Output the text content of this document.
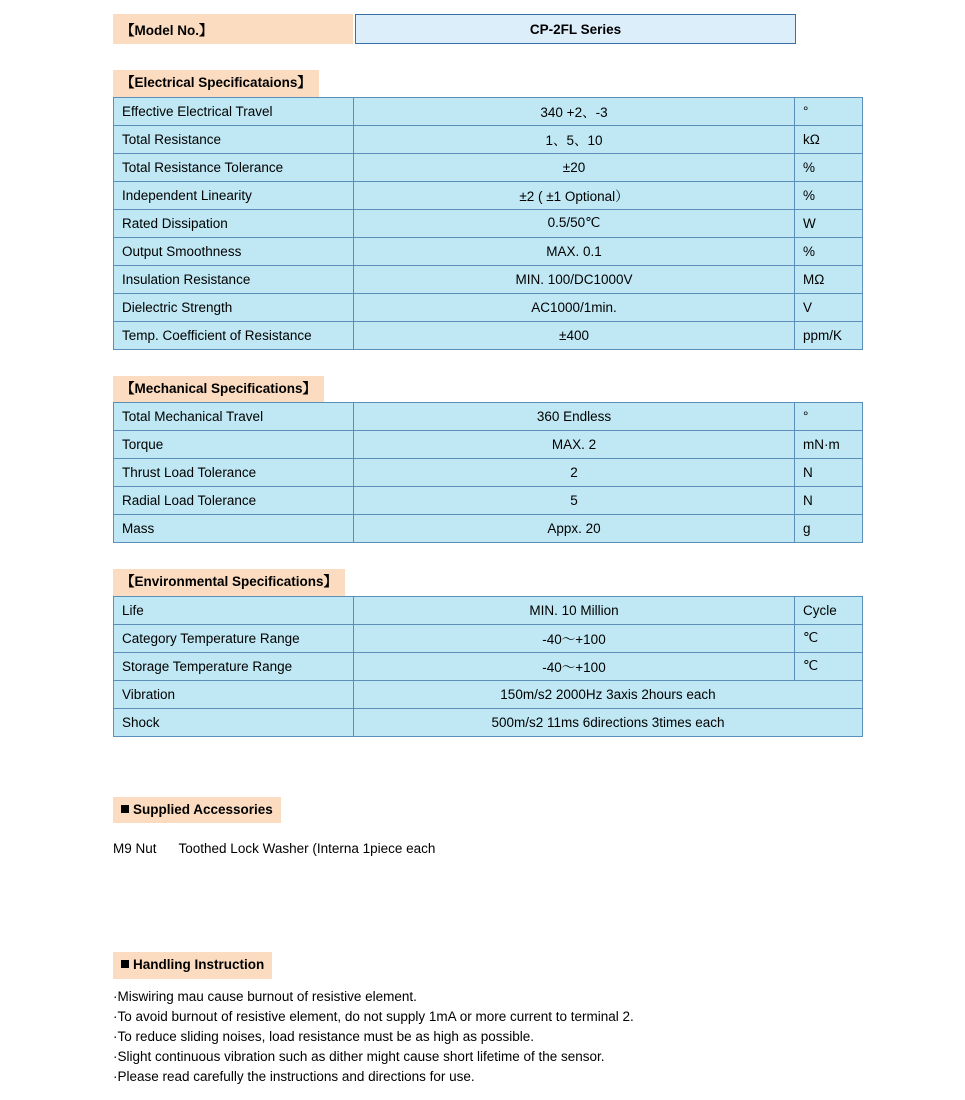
【Model No.】	CP-2FL Series
【Electrical Specificataions】
Effective Electrical Travel	340 +2、-3	°
Total Resistance	1、5、10	kΩ
Total Resistance Tolerance	±20	%
Independent Linearity	±2 ( ±1 Optional）	%
Rated Dissipation	0.5/50℃	W
Output Smoothness	MAX. 0.1	%
Insulation Resistance	MIN. 100/DC1000V	MΩ
Dielectric Strength	AC1000/1min.	V
Temp. Coefficient of Resistance	±400	ppm/K
【Mechanical Specifications】
Total Mechanical Travel	360 Endless	°
Torque	MAX. 2	mN·m
Thrust Load Tolerance	2	N
Radial Load Tolerance	5	N
Mass	Appx. 20	g
【Environmental Specifications】
Life	MIN. 10 Million	Cycle
Category Temperature Range	-40～+100	℃
Storage Temperature Range	-40～+100	℃
Vibration	150m/s2 2000Hz 3axis 2hours each	
Shock	500m/s2 11ms 6directions 3times each	
Supplied Accessories
M9 Nut Toothed Lock Washer (Interna 1piece each
Handling Instruction
·Miswiring mau cause burnout of resistive element.
·To avoid burnout of resistive element, do not supply 1mA or more current to terminal 2.
·To reduce sliding noises, load resistance must be as high as possible.
·Slight continuous vibration such as dither might cause short lifetime of the sensor.
·Please read carefully the instructions and directions for use.
